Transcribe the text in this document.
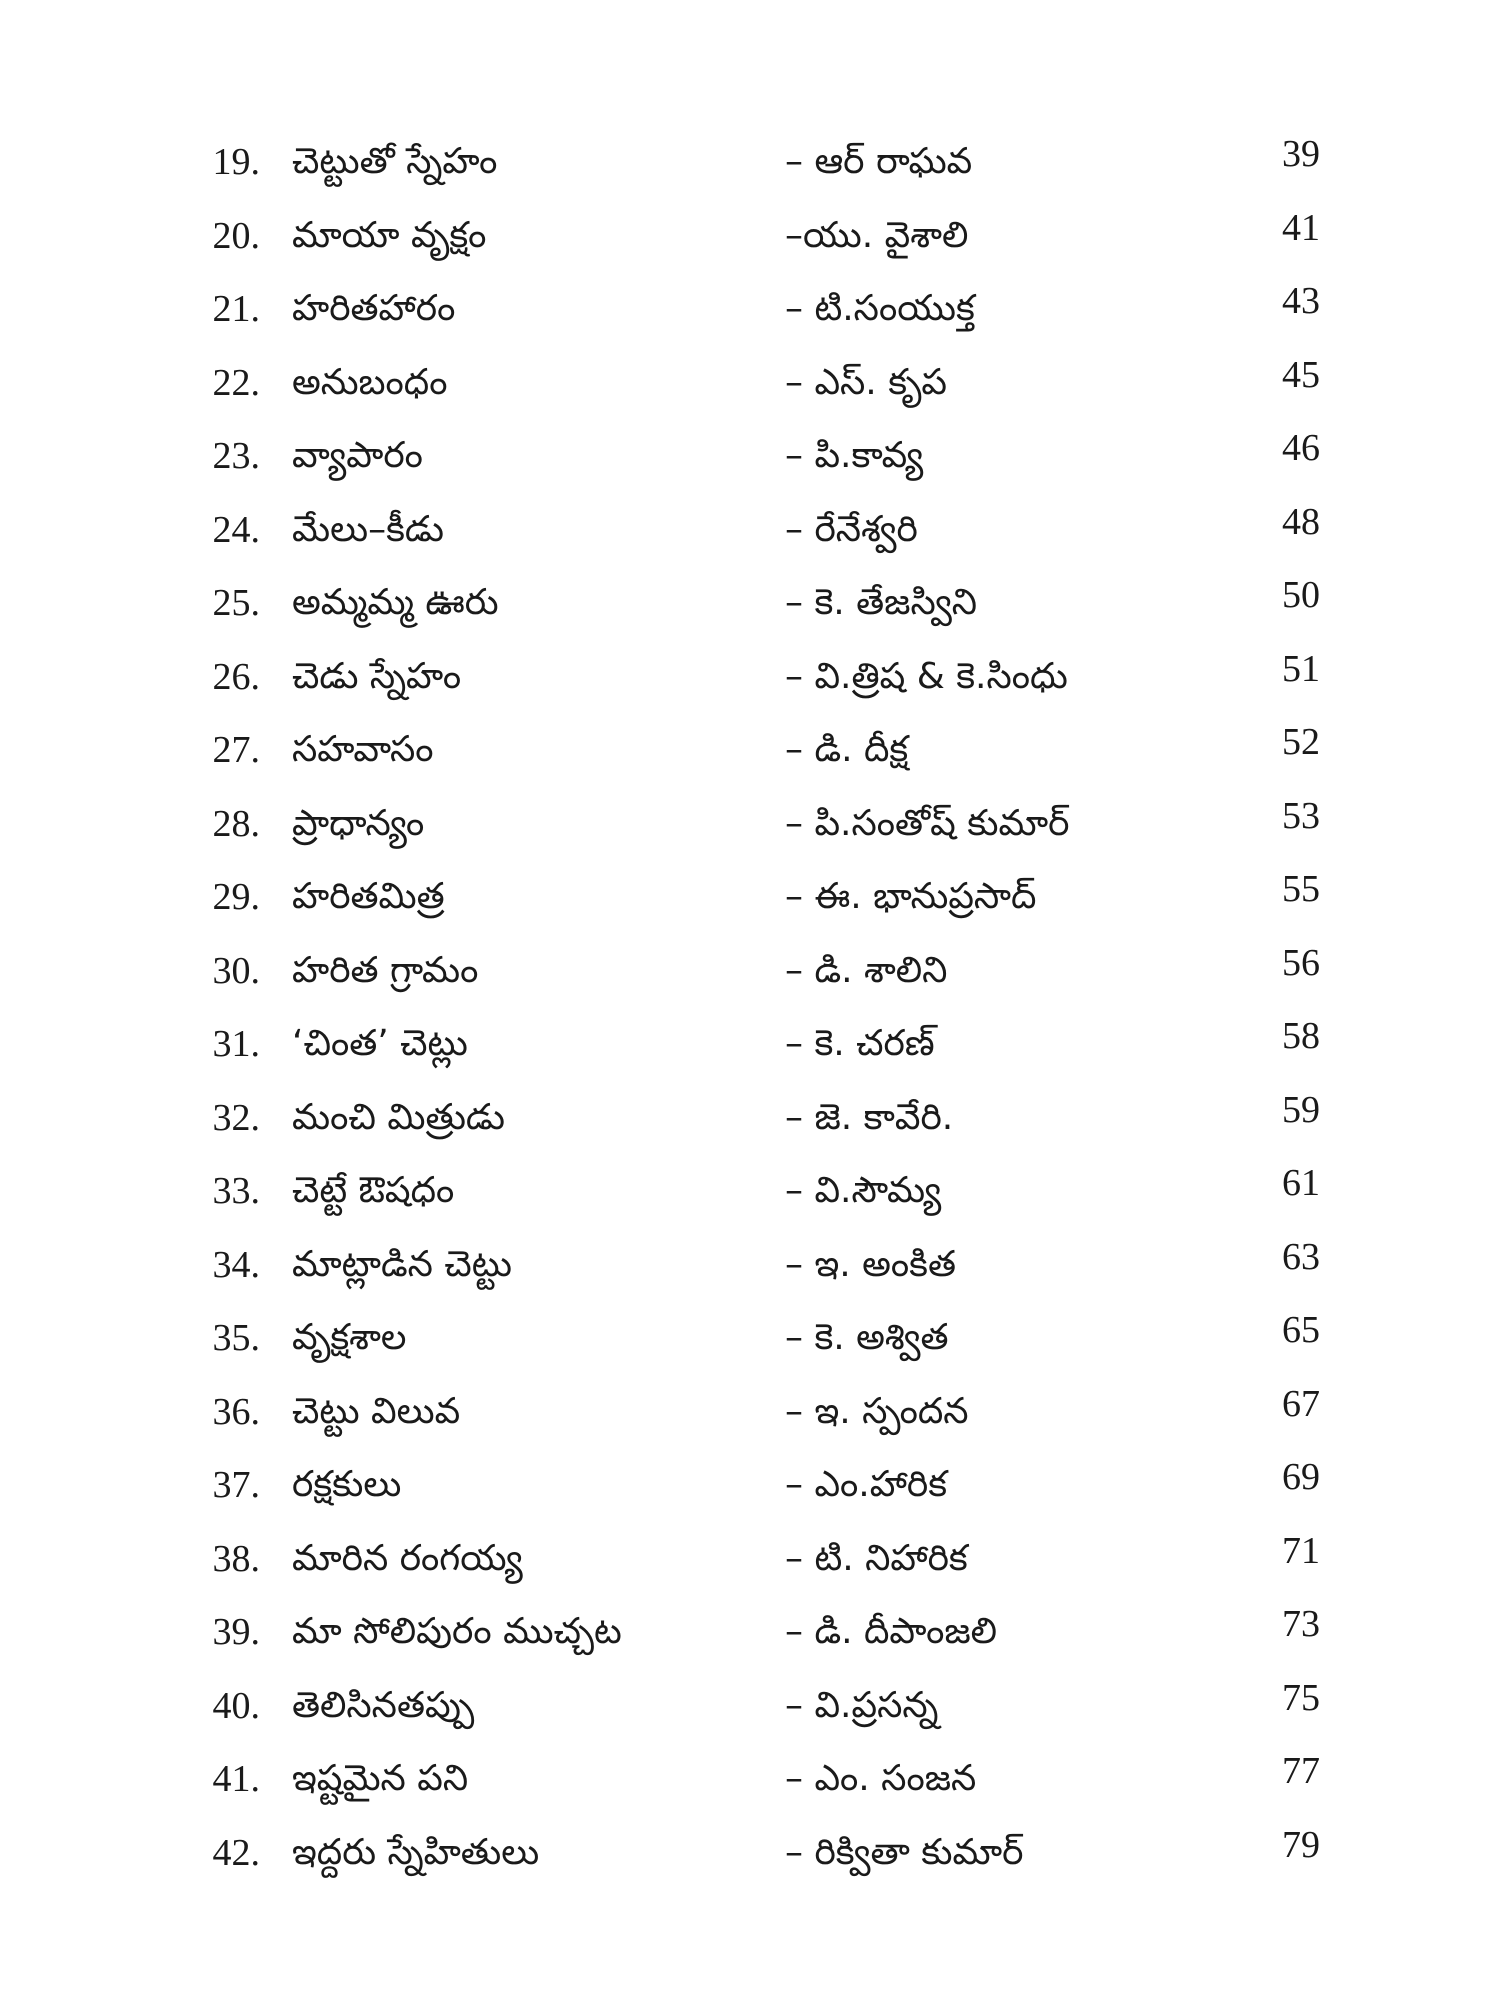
19. చెట్టుతో స్నేహం	– ఆర్ రాఘవ	39
20. మాయా వృక్షం	–యు. వైశాలి	41
21. హరితహారం	– టి.సంయుక్త	43
22. అనుబంధం	– ఎస్. కృప	45
23. వ్యాపారం	– పి.కావ్య	46
24. మేలు–కీడు	– రేనేశ్వరి	48
25. అమ్మమ్మ ఊరు	– కె. తేజస్విని	50
26. చెడు స్నేహం	– వి.త్రిష & కె.సింధు	51
27. సహవాసం	– డి. దీక్ష	52
28. ప్రాధాన్యం	– పి.సంతోష్ కుమార్	53
29. హరితమిత్ర	– ఈ. భానుప్రసాద్	55
30. హరిత గ్రామం	– డి. శాలిని	56
31. ‘చింత’ చెట్లు	– కె. చరణ్	58
32. మంచి మిత్రుడు	– జె. కావేరి.	59
33. చెట్టే ఔషధం	– వి.సౌమ్య	61
34. మాట్లాడిన చెట్టు	– ఇ. అంకిత	63
35. వృక్షశాల	– కె. అశ్విత	65
36. చెట్టు విలువ	– ఇ. స్పందన	67
37. రక్షకులు	– ఎం.హారిక	69
38. మారిన రంగయ్య	– టి. నిహారిక	71
39. మా సోలిపురం ముచ్చట	– డి. దీపాంజలి	73
40. తెలిసినతప్పు	– వి.ప్రసన్న	75
41. ఇష్టమైన పని	– ఎం. సంజన	77
42. ఇద్దరు స్నేహితులు	– రిక్వితా కుమార్	79
